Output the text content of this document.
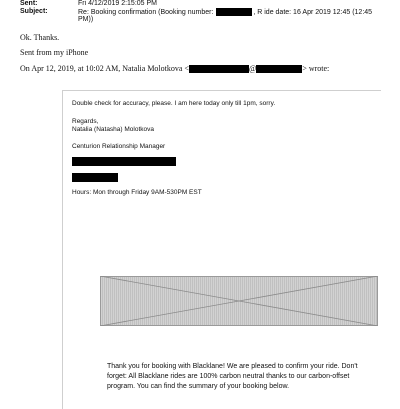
Sent:	Fri 4/12/2019 2:15:05 PM
Subject:	Re: Booking confirmation (Booking number:	, R ide date: 16 Apr 2019 12:45 (12:45
PM))
Ok. Thanks.
Sent from my iPhone
On Apr 12, 2019, at 10:02 AM, Natalia Molotkova <	@	> wrote:
Double check for accuracy, please. I am here today only till 1pm, sorry.
Regards,
Natalia (Natasha) Molotkova
Centurion Relationship Manager
Hours: Mon through Friday 9AM-530PM EST
Thank you for booking with Blacklane! We are pleased to confirm your ride. Don't
forget: All Blacklane rides are 100% carbon neutral thanks to our carbon-offset
program. You can find the summary of your booking below.
